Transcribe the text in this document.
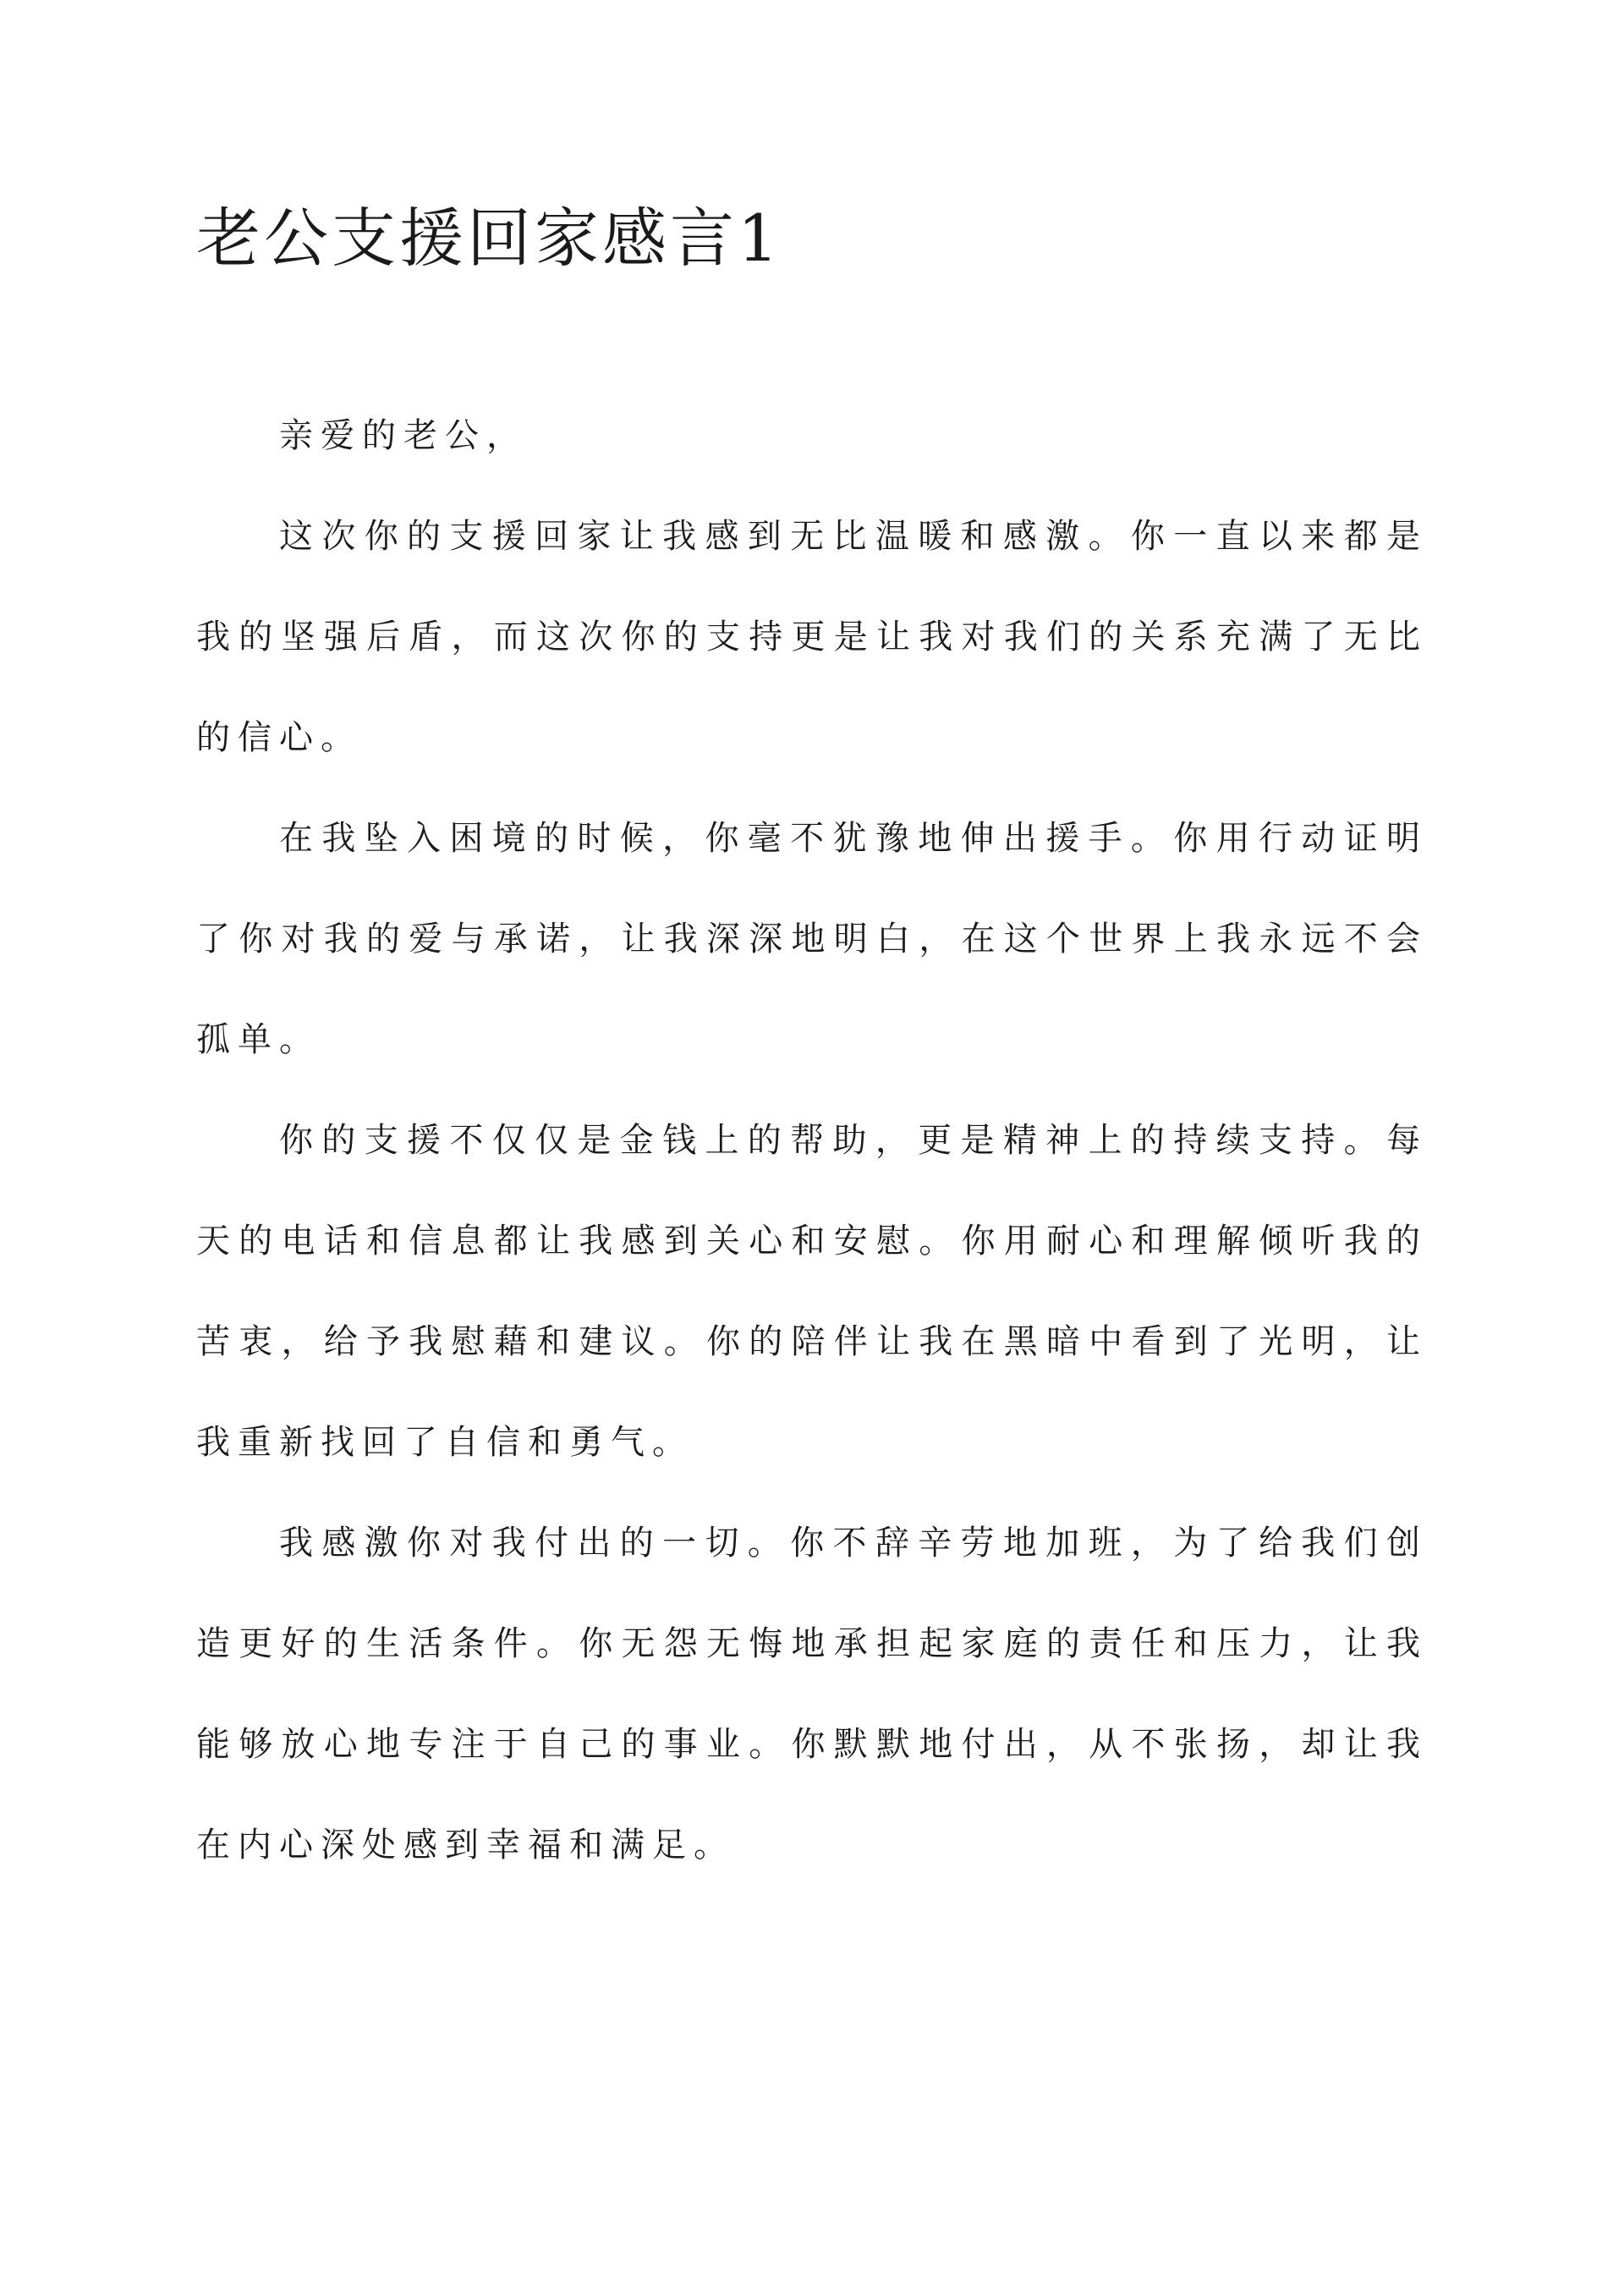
老公支援回家感言1

亲爱的老公，

这次你的支援回家让我感到无比温暖和感激。你一直以来都是我的坚强后盾，而这次你的支持更是让我对我们的关系充满了无比的信心。

在我坠入困境的时候，你毫不犹豫地伸出援手。你用行动证明了你对我的爱与承诺，让我深深地明白，在这个世界上我永远不会孤单。

你的支援不仅仅是金钱上的帮助，更是精神上的持续支持。每天的电话和信息都让我感到关心和安慰。你用耐心和理解倾听我的苦衷，给予我慰藉和建议。你的陪伴让我在黑暗中看到了光明，让我重新找回了自信和勇气。

我感激你对我付出的一切。你不辞辛劳地加班，为了给我们创造更好的生活条件。你无怨无悔地承担起家庭的责任和压力，让我能够放心地专注于自己的事业。你默默地付出，从不张扬，却让我在内心深处感到幸福和满足。
